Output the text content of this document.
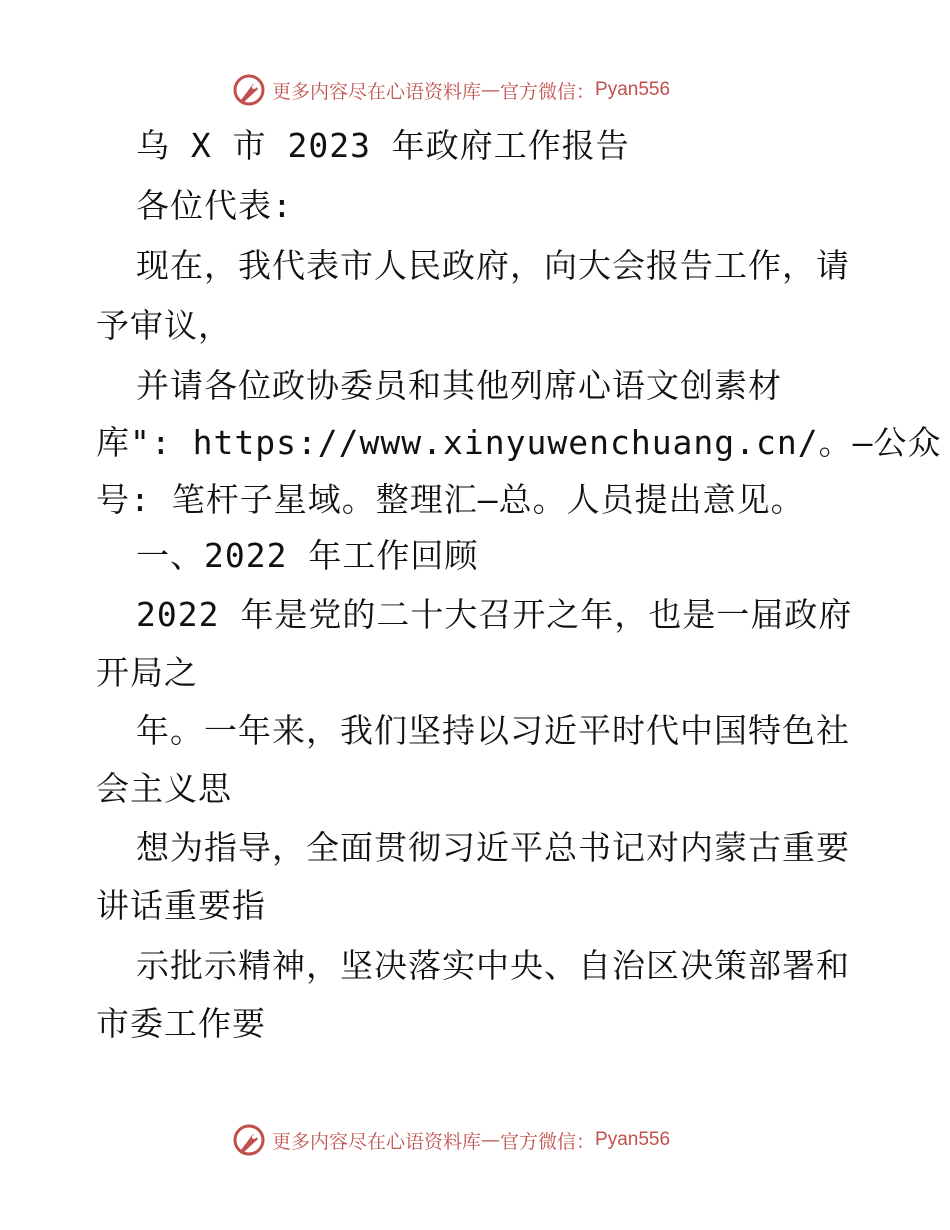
更多内容尽在心语资料库 — 官方微信： Pyan556
乌 X 市 2023 年政府工作报告
各位代表:
现在，我代表市人民政府，向大会报告工作，请
予审议，
并请各位政协委员和其他列席心语文创素材
库": https://www.xinyuwenchuang.cn/。—公众
号: 笔杆子星域。整理汇—总。人员提出意见。
一、2022 年工作回顾
2022 年是党的二十大召开之年，也是一届政府
开局之
年。一年来，我们坚持以习近平时代中国特色社
会主义思
想为指导，全面贯彻习近平总书记对内蒙古重要
讲话重要指
示批示精神，坚决落实中央、自治区决策部署和
市委工作要
更多内容尽在心语资料库 — 官方微信： Pyan556
